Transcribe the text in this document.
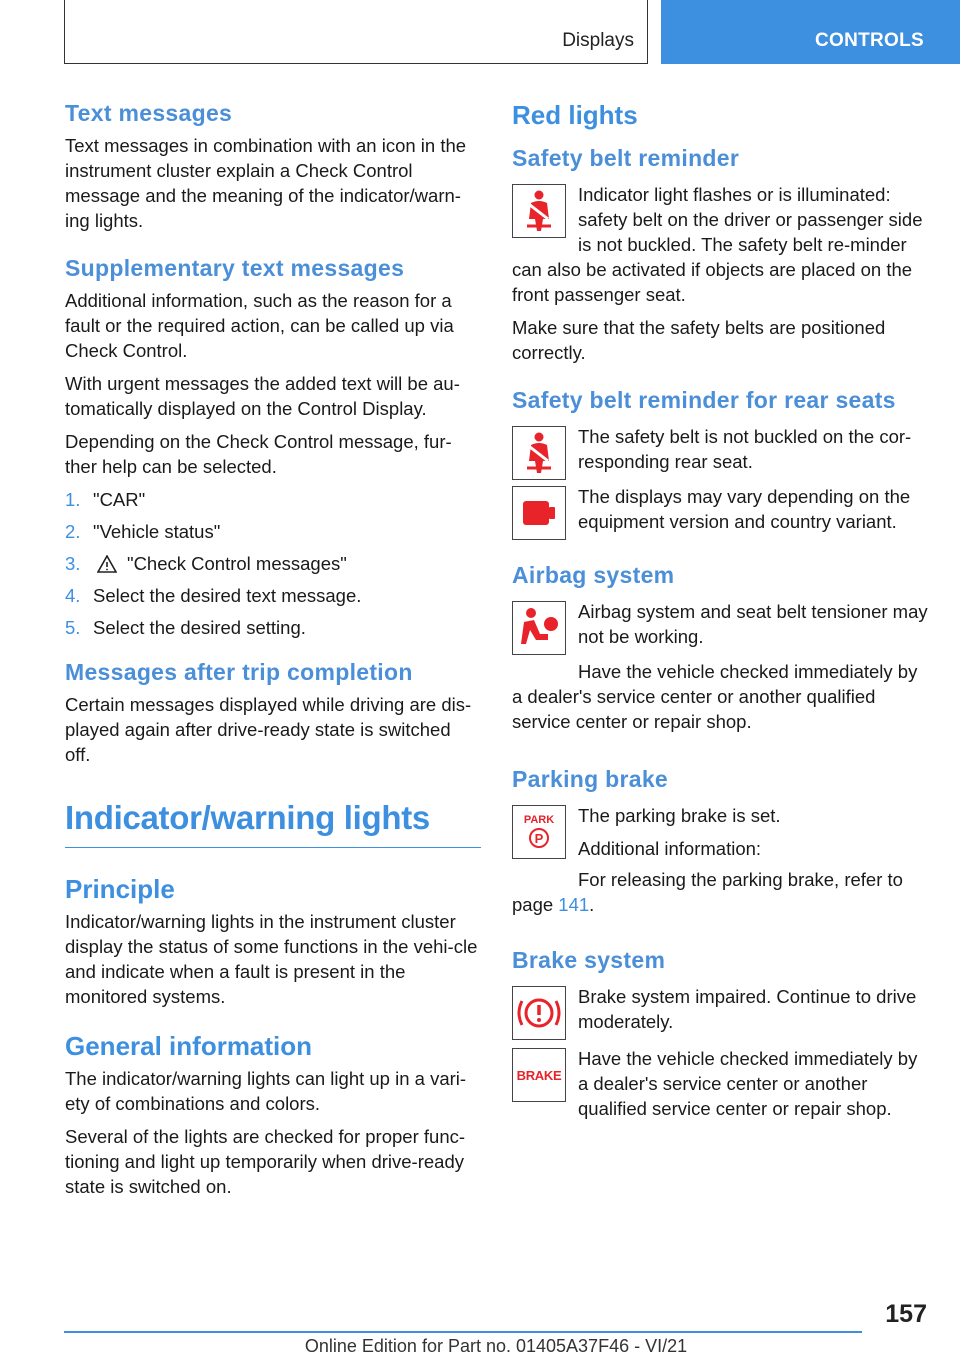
Displays	CONTROLS
Text messages

Text messages in combination with an icon in the instrument cluster explain a Check Control message and the meaning of the indicator/warn-ing lights.

Supplementary text messages

Additional information, such as the reason for a fault or the required action, can be called up via Check Control.

With urgent messages the added text will be au-tomatically displayed on the Control Display.

Depending on the Check Control message, fur-ther help can be selected.

1. "CAR"
2. "Vehicle status"
3.	"Check Control messages"
4. Select the desired text message.
5. Select the desired setting.
Messages after trip completion

Certain messages displayed while driving are dis-played again after drive-ready state is switched off.

Indicator/warning lights
Principle

Indicator/warning lights in the instrument cluster display the status of some functions in the vehi-cle and indicate when a fault is present in the monitored systems.

General information

The indicator/warning lights can light up in a vari-ety of combinations and colors.

Several of the lights are checked for proper func-tioning and light up temporarily when drive-ready state is switched on.

Red lights
Safety belt reminder

Indicator light flashes or is illuminated: safety belt on the driver or passenger side is not buckled. The safety belt re-minder can also be activated if objects are placed on the front passenger seat.

Make sure that the safety belts are positioned correctly.

Safety belt reminder for rear seats

The safety belt is not buckled on the cor-responding rear seat.

The displays may vary depending on the equipment version and country variant.

Airbag system

Airbag system and seat belt tensioner may not be working.

Have the vehicle checked immediately by a dealer's service center or another qualified service center or repair shop.

Parking brake
PARK
P

The parking brake is set.

Additional information:

For releasing the parking brake, refer to page 141.

Brake system

Brake system impaired. Continue to drive moderately.

BRAKE

Have the vehicle checked immediately by a dealer's service center or another qualified service center or repair shop.

157
Online Edition for Part no. 01405A37F46 - VI/21
